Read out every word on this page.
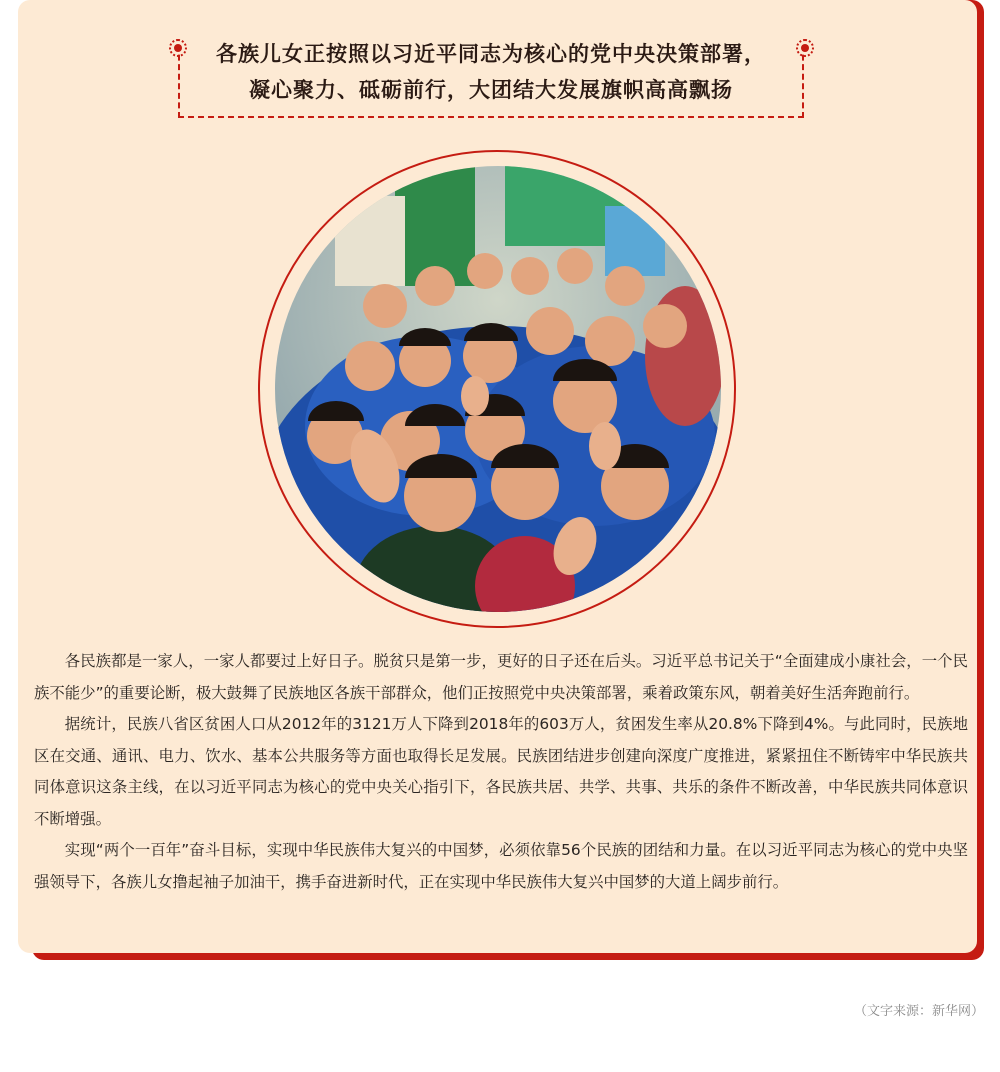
各族儿女正按照以习近平同志为核心的党中央决策部署，
凝心聚力、砥砺前行，大团结大发展旗帜高高飘扬

各民族都是一家人，一家人都要过上好日子。脱贫只是第一步，更好的日子还在后头。习近平总书记关于“全面建成小康社会，一个民族不能少”的重要论断，极大鼓舞了民族地区各族干部群众，他们正按照党中央决策部署，乘着政策东风，朝着美好生活奔跑前行。

据统计，民族八省区贫困人口从2012年的3121万人下降到2018年的603万人，贫困发生率从20.8%下降到4%。与此同时，民族地区在交通、通讯、电力、饮水、基本公共服务等方面也取得长足发展。民族团结进步创建向深度广度推进，紧紧扭住不断铸牢中华民族共同体意识这条主线，在以习近平同志为核心的党中央关心指引下，各民族共居、共学、共事、共乐的条件不断改善，中华民族共同体意识不断增强。

实现“两个一百年”奋斗目标，实现中华民族伟大复兴的中国梦，必须依靠56个民族的团结和力量。在以习近平同志为核心的党中央坚强领导下，各族儿女撸起袖子加油干，携手奋进新时代，正在实现中华民族伟大复兴中国梦的大道上阔步前行。

（文字来源：新华网）
